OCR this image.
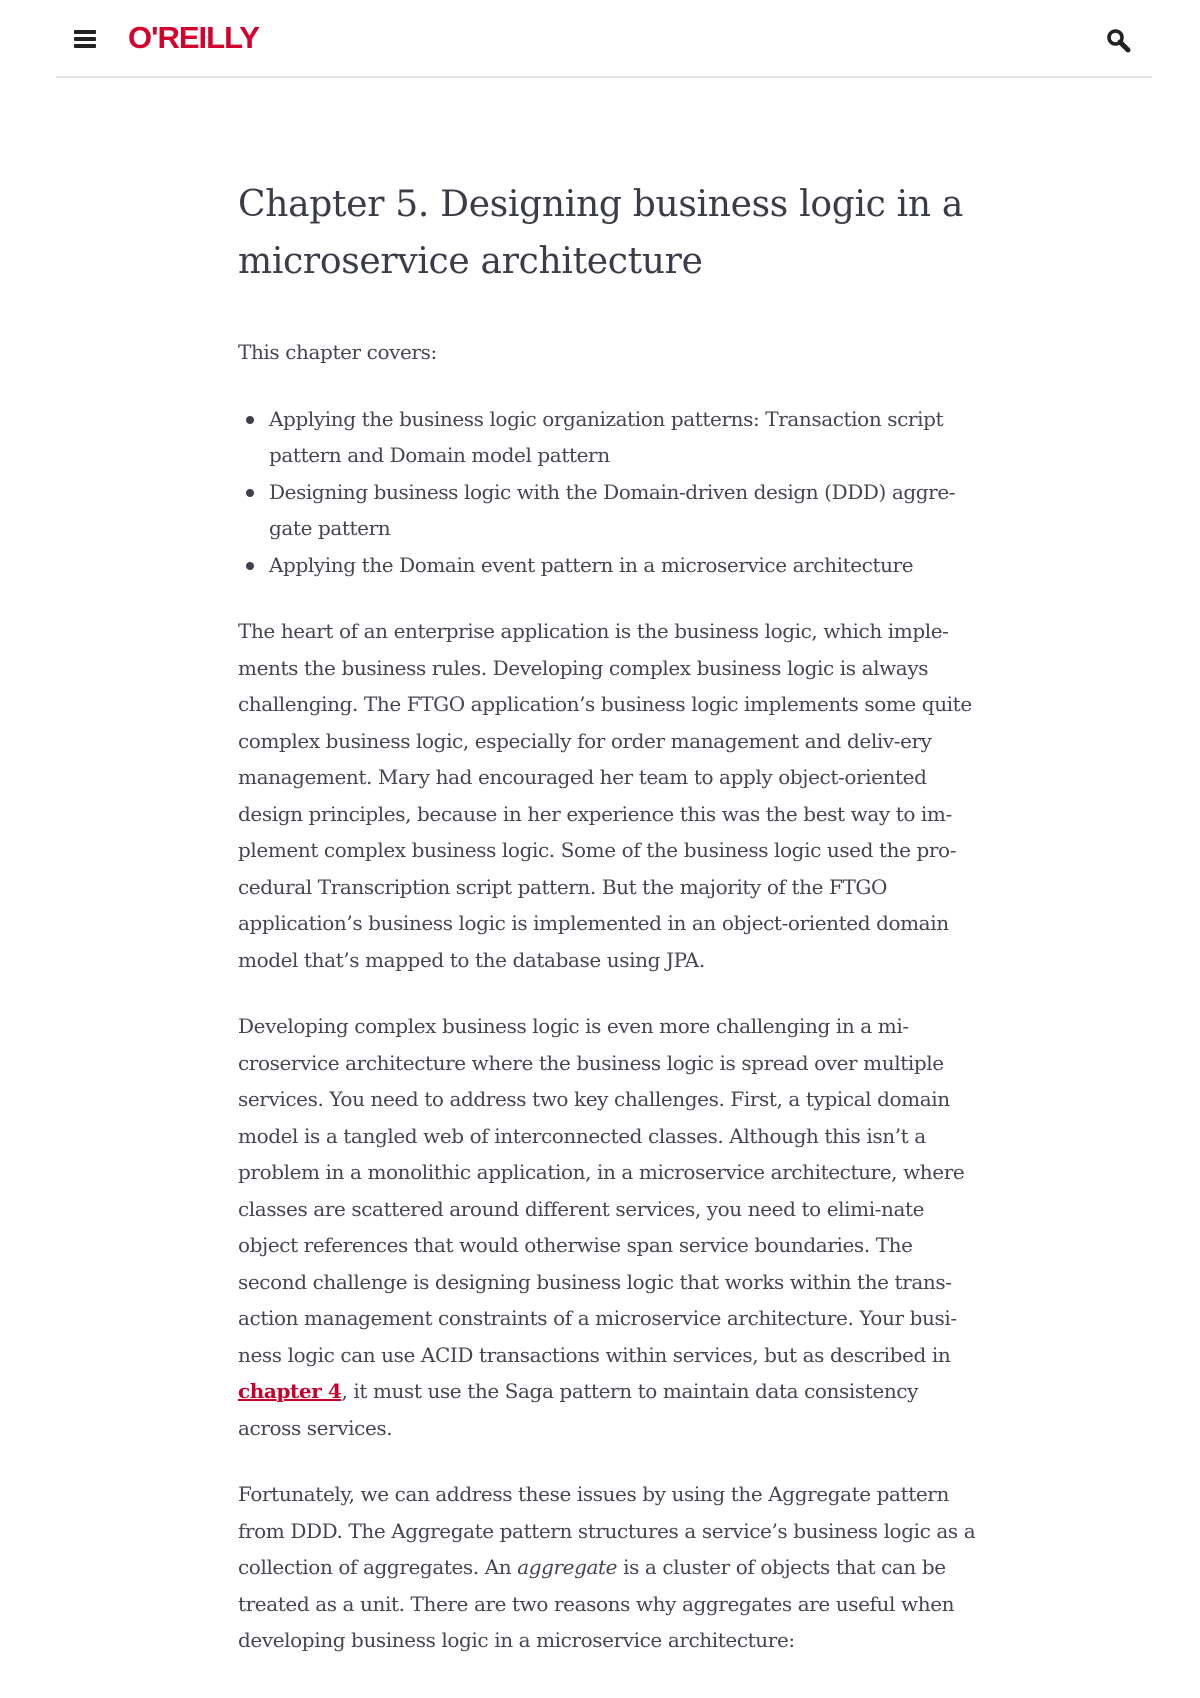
O'REILLY
Chapter 5. Designing business logic in a microservice architecture

This chapter covers:

Applying the business logic organization patterns: Transaction script pattern and Domain model pattern
Designing business logic with the Domain-driven design (DDD) aggre-gate pattern
Applying the Domain event pattern in a microservice architecture

The heart of an enterprise application is the business logic, which imple-ments the business rules. Developing complex business logic is always challenging. The FTGO application’s business logic implements some quite complex business logic, especially for order management and deliv-ery management. Mary had encouraged her team to apply object-oriented design principles, because in her experience this was the best way to im-plement complex business logic. Some of the business logic used the pro-cedural Transcription script pattern. But the majority of the FTGO application’s business logic is implemented in an object-oriented domain model that’s mapped to the database using JPA.

Developing complex business logic is even more challenging in a mi-croservice architecture where the business logic is spread over multiple services. You need to address two key challenges. First, a typical domain model is a tangled web of interconnected classes. Although this isn’t a problem in a monolithic application, in a microservice architecture, where classes are scattered around different services, you need to elimi-nate object references that would otherwise span service boundaries. The second challenge is designing business logic that works within the trans-action management constraints of a microservice architecture. Your busi-ness logic can use ACID transactions within services, but as described in chapter 4, it must use the Saga pattern to maintain data consistency across services.

Fortunately, we can address these issues by using the Aggregate pattern from DDD. The Aggregate pattern structures a service’s business logic as a collection of aggregates. An aggregate is a cluster of objects that can be treated as a unit. There are two reasons why aggregates are useful when developing business logic in a microservice architecture:
